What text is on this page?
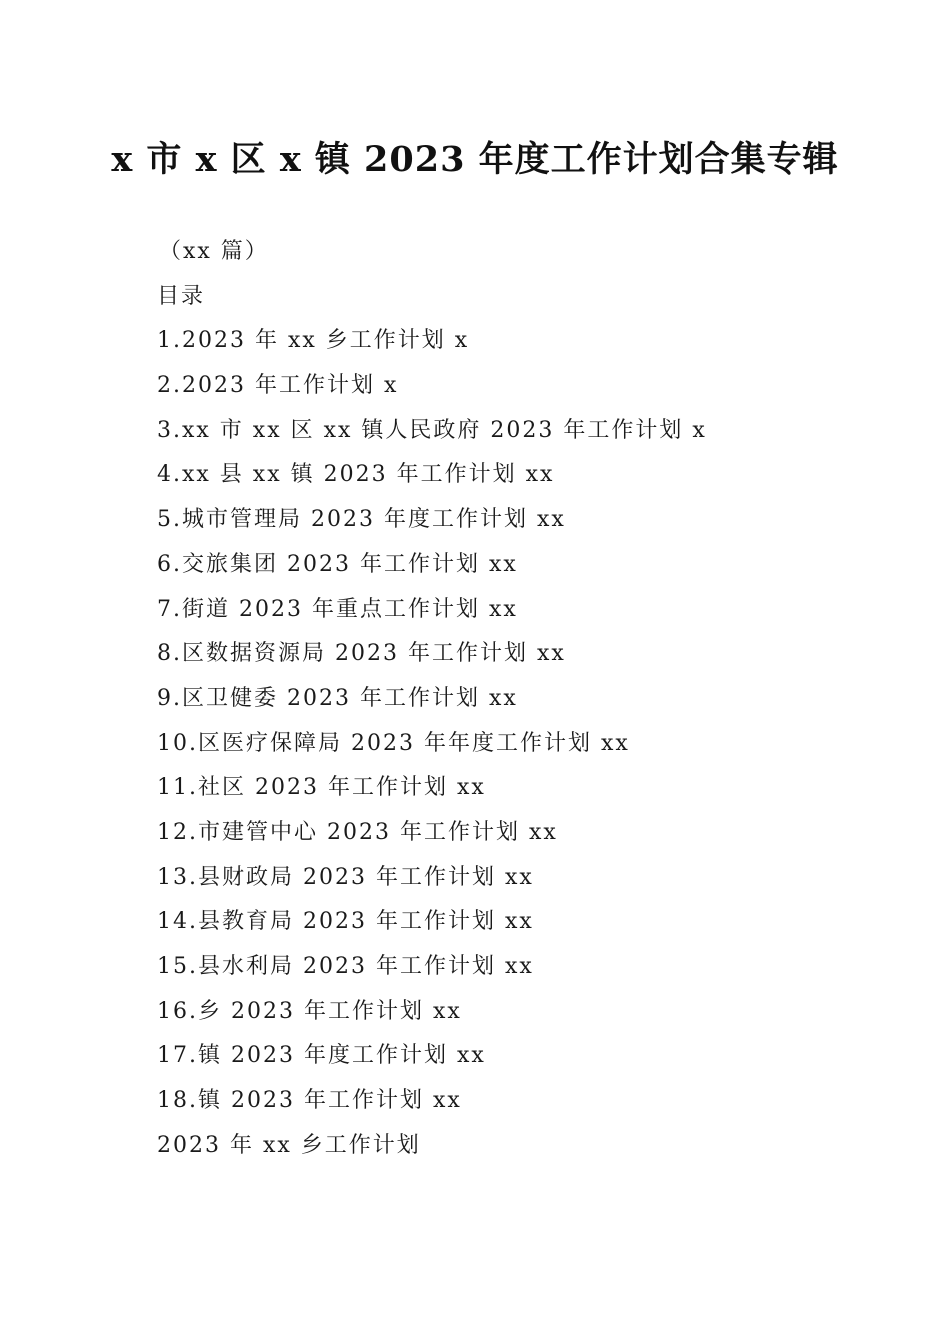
x 市 x 区 x 镇 2023 年度工作计划合集专辑
（xx 篇）
目录
1.2023 年 xx 乡工作计划 x
2.2023 年工作计划 x
3.xx 市 xx 区 xx 镇人民政府 2023 年工作计划 x
4.xx 县 xx 镇 2023 年工作计划 xx
5.城市管理局 2023 年度工作计划 xx
6.交旅集团 2023 年工作计划 xx
7.街道 2023 年重点工作计划 xx
8.区数据资源局 2023 年工作计划 xx
9.区卫健委 2023 年工作计划 xx
10.区医疗保障局 2023 年年度工作计划 xx
11.社区 2023 年工作计划 xx
12.市建管中心 2023 年工作计划 xx
13.县财政局 2023 年工作计划 xx
14.县教育局 2023 年工作计划 xx
15.县水利局 2023 年工作计划 xx
16.乡 2023 年工作计划 xx
17.镇 2023 年度工作计划 xx
18.镇 2023 年工作计划 xx
2023 年 xx 乡工作计划
